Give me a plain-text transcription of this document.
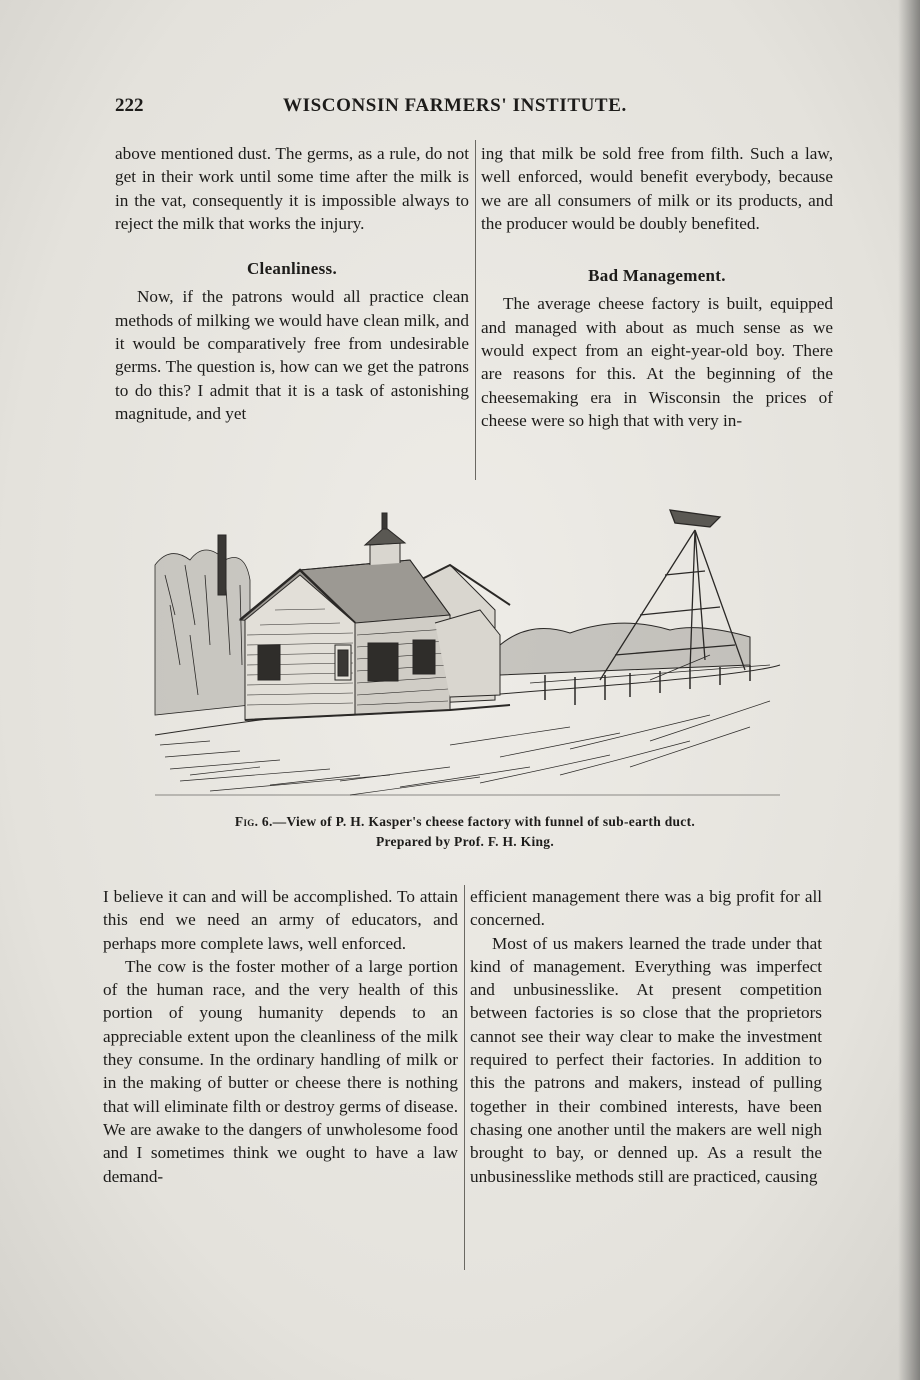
222	WISCONSIN FARMERS' INSTITUTE.

above mentioned dust. The germs, as a rule, do not get in their work until some time after the milk is in the vat, consequently it is impossible always to reject the milk that works the injury.

Cleanliness.

Now, if the patrons would all practice clean methods of milking we would have clean milk, and it would be comparatively free from undesirable germs. The question is, how can we get the patrons to do this? I admit that it is a task of astonishing magnitude, and yet

ing that milk be sold free from filth. Such a law, well enforced, would benefit everybody, because we are all consumers of milk or its products, and the producer would be doubly benefited.

Bad Management.

The average cheese factory is built, equipped and managed with about as much sense as we would expect from an eight-year-old boy. There are reasons for this. At the beginning of the cheesemaking era in Wisconsin the prices of cheese were so high that with very in-

Fig. 6.—View of P. H. Kasper's cheese factory with funnel of sub-earth duct.
Prepared by Prof. F. H. King.

I believe it can and will be accomplished. To attain this end we need an army of educators, and perhaps more complete laws, well enforced.

The cow is the foster mother of a large portion of the human race, and the very health of this portion of young humanity depends to an appreciable extent upon the cleanliness of the milk they consume. In the ordinary handling of milk or in the making of butter or cheese there is nothing that will eliminate filth or destroy germs of disease. We are awake to the dangers of unwholesome food and I sometimes think we ought to have a law demand-

efficient management there was a big profit for all concerned.

Most of us makers learned the trade under that kind of management. Everything was imperfect and unbusinesslike. At present competition between factories is so close that the proprietors cannot see their way clear to make the investment required to perfect their factories. In addition to this the patrons and makers, instead of pulling together in their combined interests, have been chasing one another until the makers are well nigh brought to bay, or denned up. As a result the unbusinesslike methods still are practiced, causing
